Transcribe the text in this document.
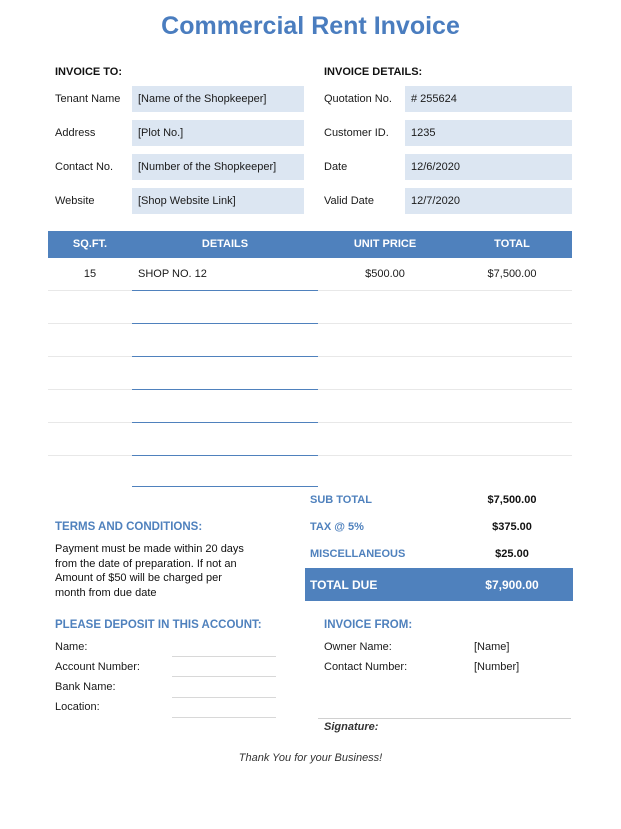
Commercial Rent Invoice
INVOICE TO:
Tenant Name	[Name of the Shopkeeper]
Address	[Plot No.]
Contact No.	[Number of the Shopkeeper]
Website	[Shop Website Link]
INVOICE DETAILS:
Quotation No.	# 255624
Customer ID.	1235
Date	12/6/2020
Valid Date	12/7/2020
SQ.FT.	DETAILS	UNIT PRICE	TOTAL
15	SHOP NO. 12	$500.00	$7,500.00
SUB TOTAL	$7,500.00
TAX @ 5%	$375.00
MISCELLANEOUS	$25.00
TOTAL DUE	$7,900.00
TERMS AND CONDITIONS:
Payment must be made within 20 days
from the date of preparation. If not an
Amount of $50 will be charged per
month from due date
PLEASE DEPOSIT IN THIS ACCOUNT:
Name:
Account Number:
Bank Name:
Location:
INVOICE FROM:
Owner Name:	[Name]
Contact Number:	[Number]
Signature:
Thank You for your Business!
